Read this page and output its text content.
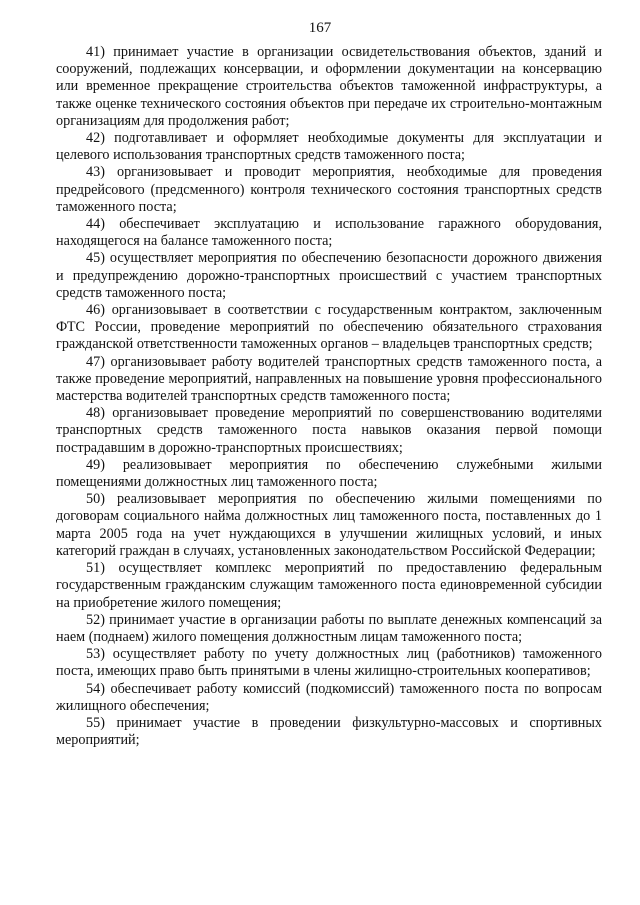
167

41) принимает участие в организации освидетельствования объектов, зданий и сооружений, подлежащих консервации, и оформлении документации на консервацию или временное прекращение строительства объектов таможенной инфраструктуры, а также оценке технического состояния объектов при передаче их строительно-монтажным организациям для продолжения работ;

42) подготавливает и оформляет необходимые документы для эксплуатации и целевого использования транспортных средств таможенного поста;

43) организовывает и проводит мероприятия, необходимые для проведения предрейсового (предсменного) контроля технического состояния транспортных средств таможенного поста;

44) обеспечивает эксплуатацию и использование гаражного оборудования, находящегося на балансе таможенного поста;

45) осуществляет мероприятия по обеспечению безопасности дорожного движения и предупреждению дорожно-транспортных происшествий с участием транспортных средств таможенного поста;

46) организовывает в соответствии с государственным контрактом, заключенным ФТС России, проведение мероприятий по обеспечению обязательного страхования гражданской ответственности таможенных органов – владельцев транспортных средств;

47) организовывает работу водителей транспортных средств таможенного поста, а также проведение мероприятий, направленных на повышение уровня профессионального мастерства водителей транспортных средств таможенного поста;

48) организовывает проведение мероприятий по совершенствованию водителями транспортных средств таможенного поста навыков оказания первой помощи пострадавшим в дорожно-транспортных происшествиях;

49) реализовывает мероприятия по обеспечению служебными жилыми помещениями должностных лиц таможенного поста;

50) реализовывает мероприятия по обеспечению жилыми помещениями по договорам социального найма должностных лиц таможенного поста, поставленных до 1 марта 2005 года на учет нуждающихся в улучшении жилищных условий, и иных категорий граждан в случаях, установленных законодательством Российской Федерации;

51) осуществляет комплекс мероприятий по предоставлению федеральным государственным гражданским служащим таможенного поста единовременной субсидии на приобретение жилого помещения;

52) принимает участие в организации работы по выплате денежных компенсаций за наем (поднаем) жилого помещения должностным лицам таможенного поста;

53) осуществляет работу по учету должностных лиц (работников) таможенного поста, имеющих право быть принятыми в члены жилищно-строительных кооперативов;

54) обеспечивает работу комиссий (подкомиссий) таможенного поста по вопросам жилищного обеспечения;

55) принимает участие в проведении физкультурно-массовых и спортивных мероприятий;
